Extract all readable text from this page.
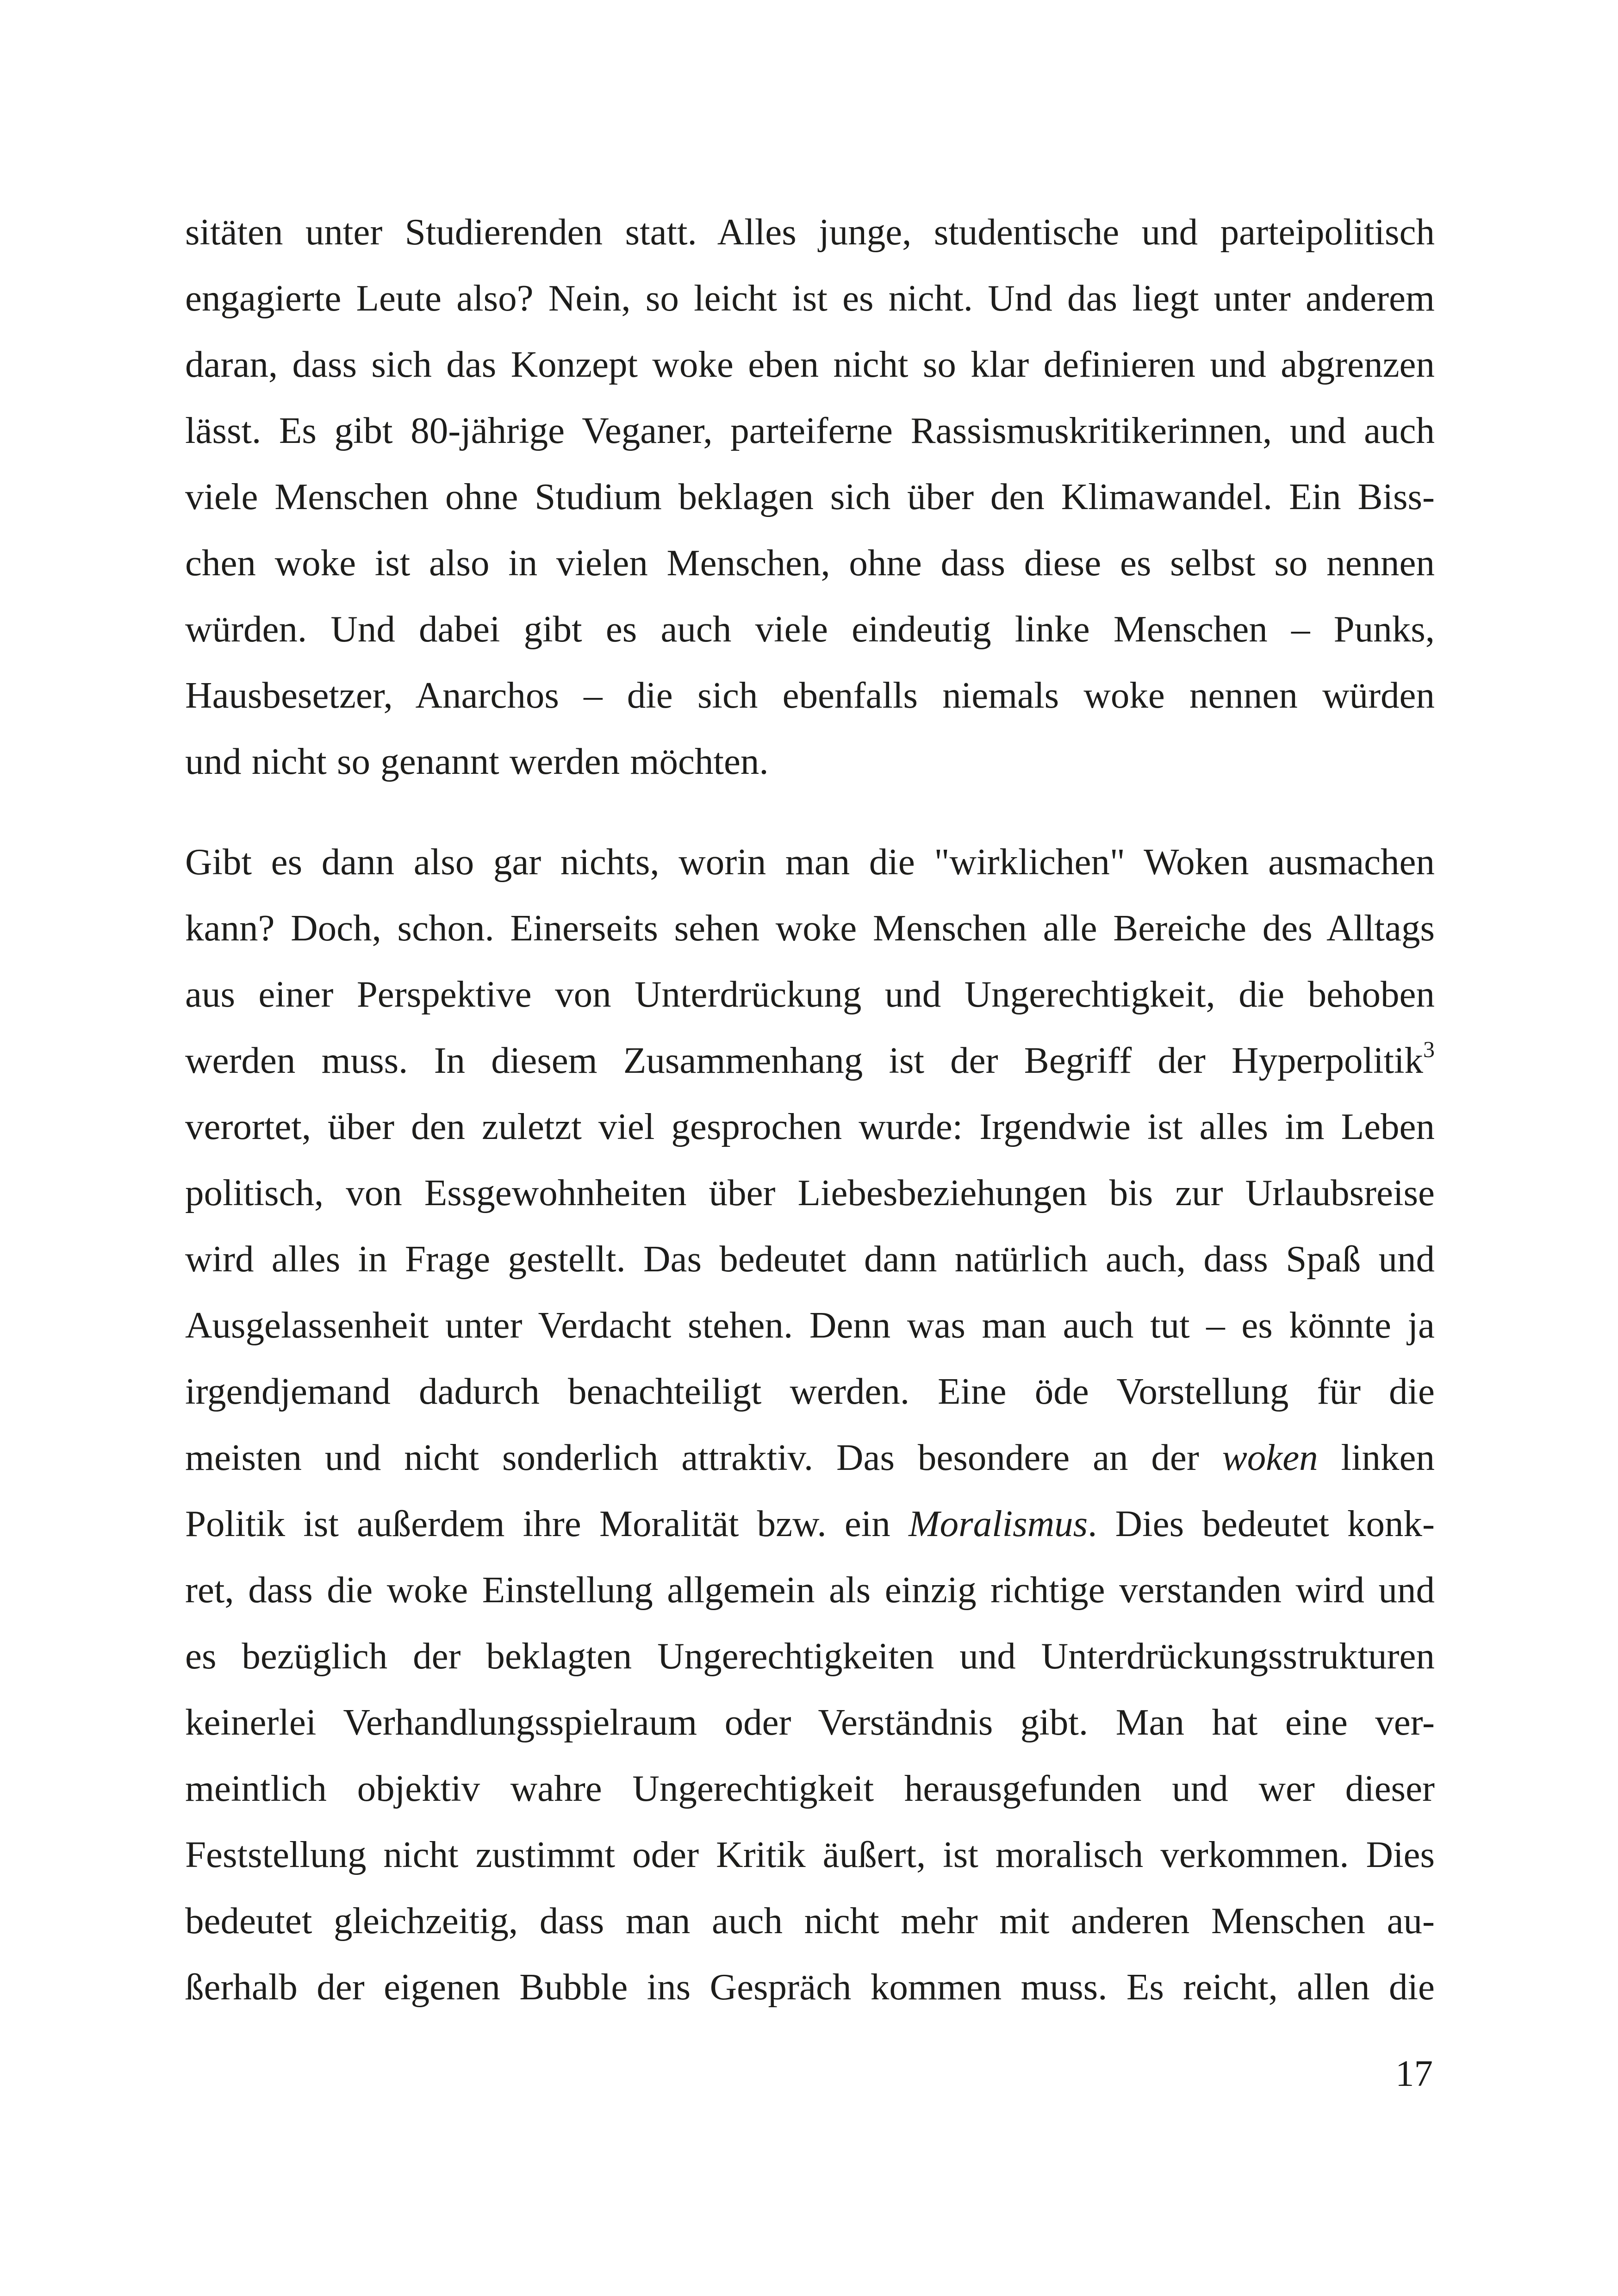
sitäten unter Studierenden statt. Alles junge, studentische und parteipolitisch
engagierte Leute also? Nein, so leicht ist es nicht. Und das liegt unter anderem
daran, dass sich das Konzept woke eben nicht so klar definieren und abgrenzen
lässt. Es gibt 80-jährige Veganer, parteiferne Rassismuskritikerinnen, und auch
viele Menschen ohne Studium beklagen sich über den Klimawandel. Ein Biss-
chen woke ist also in vielen Menschen, ohne dass diese es selbst so nennen
würden. Und dabei gibt es auch viele eindeutig linke Menschen – Punks,
Hausbesetzer, Anarchos – die sich ebenfalls niemals woke nennen würden
und nicht so genannt werden möchten.

Gibt es dann also gar nichts, worin man die "wirklichen" Woken ausmachen
kann? Doch, schon. Einerseits sehen woke Menschen alle Bereiche des Alltags
aus einer Perspektive von Unterdrückung und Ungerechtigkeit, die behoben
werden muss. In diesem Zusammenhang ist der Begriff der Hyperpolitik$^3$
verortet, über den zuletzt viel gesprochen wurde: Irgendwie ist alles im Leben
politisch, von Essgewohnheiten über Liebesbeziehungen bis zur Urlaubsreise
wird alles in Frage gestellt. Das bedeutet dann natürlich auch, dass Spaß und
Ausgelassenheit unter Verdacht stehen. Denn was man auch tut – es könnte ja
irgendjemand dadurch benachteiligt werden. Eine öde Vorstellung für die
meisten und nicht sonderlich attraktiv. Das besondere an der woken linken
Politik ist außerdem ihre Moralität bzw. ein Moralismus. Dies bedeutet konk-
ret, dass die woke Einstellung allgemein als einzig richtige verstanden wird und
es bezüglich der beklagten Ungerechtigkeiten und Unterdrückungsstrukturen
keinerlei Verhandlungsspielraum oder Verständnis gibt. Man hat eine ver-
meintlich objektiv wahre Ungerechtigkeit herausgefunden und wer dieser
Feststellung nicht zustimmt oder Kritik äußert, ist moralisch verkommen. Dies
bedeutet gleichzeitig, dass man auch nicht mehr mit anderen Menschen au-
ßerhalb der eigenen Bubble ins Gespräch kommen muss. Es reicht, allen die

17
